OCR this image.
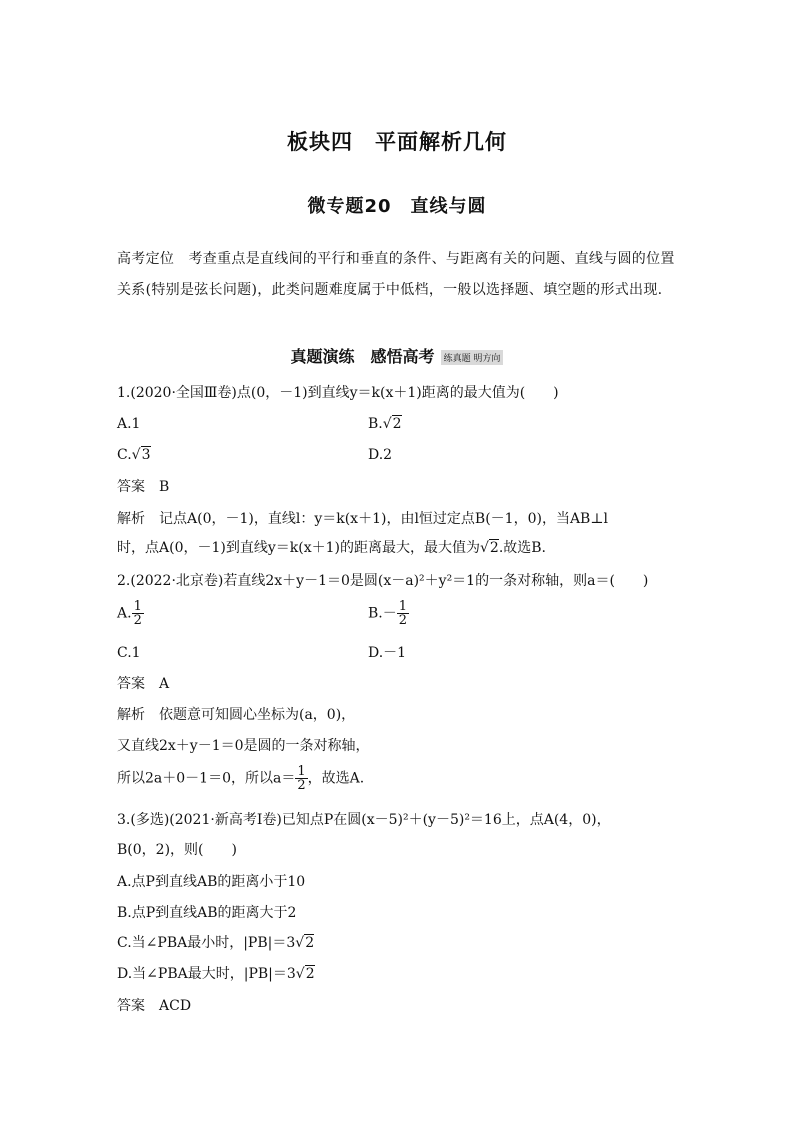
板块四　平面解析几何
微专题20　直线与圆
高考定位　考查重点是直线间的平行和垂直的条件、与距离有关的问题、直线与圆的位置关系(特别是弦长问题)，此类问题难度属于中低档，一般以选择题、填空题的形式出现.
真题演练　感悟高考 练真题 明方向
1.(2020·全国Ⅲ卷)点(0，－1)到直线y＝k(x＋1)距离的最大值为(　　)
A.1	B.√2
C.√3	D.2
答案　 B
解析　 记点A(0，－1)，直线l：y＝k(x＋1)，由l恒过定点B(－1，0)，当AB⊥l
时，点A(0，－1)到直线y＝k(x＋1)的距离最大，最大值为√2.故选B.
2.(2022·北京卷)若直线2x＋y－1＝0是圆(x－a)²＋y²＝1的一条对称轴，则a＝(　　)
A. $\frac{1}{2}$	$B.- \frac{1}{2}$
C.1	D.－1
答案　 A
解析　 依题意可知圆心坐标为(a，0)，
又直线2x＋y－1＝0是圆的一条对称轴，
所以2a＋0－1＝0，所以$a= \frac{1}{2}$ ，故选A.
3.(多选)(2021·新高考Ⅰ卷)已知点P在圆(x－5)²＋(y－5)²＝16上，点A(4，0)，
B(0，2)，则(　　)
A.点P到直线AB的距离小于10
B.点P到直线AB的距离大于2
C.当∠PBA最小时，|PB|＝3√2
D.当∠PBA最大时，|PB|＝3√2
答案　 ACD
